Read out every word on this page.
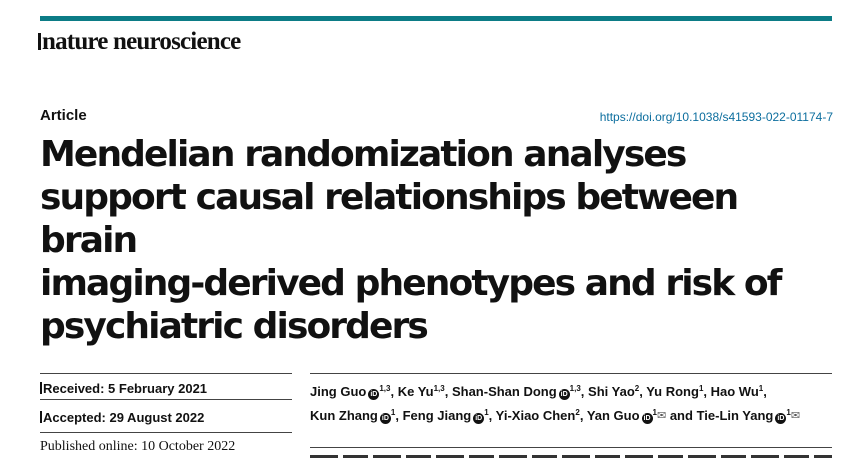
nature neuroscience
Article	https://doi.org/10.1038/s41593-022-01174-7
Mendelian randomization analyses
support causal relationships between brain
imaging-derived phenotypes and risk of
psychiatric disorders
Received: 5 February 2021
Accepted: 29 August 2022
Published online: 10 October 2022
Jing Guo iD$^{1,3}$, Ke Yu$^{1,3}$, Shan-Shan Dong iD$^{1,3}$, Shi Yao$^2$, Yu Rong$^1$, Hao Wu$^1$, Kun Zhang iD$^1$, Feng Jiang iD$^1$, Yi-Xiao Chen$^2$, Yan Guo iD$^1$✉ and Tie-Lin Yang iD$^1$✉
